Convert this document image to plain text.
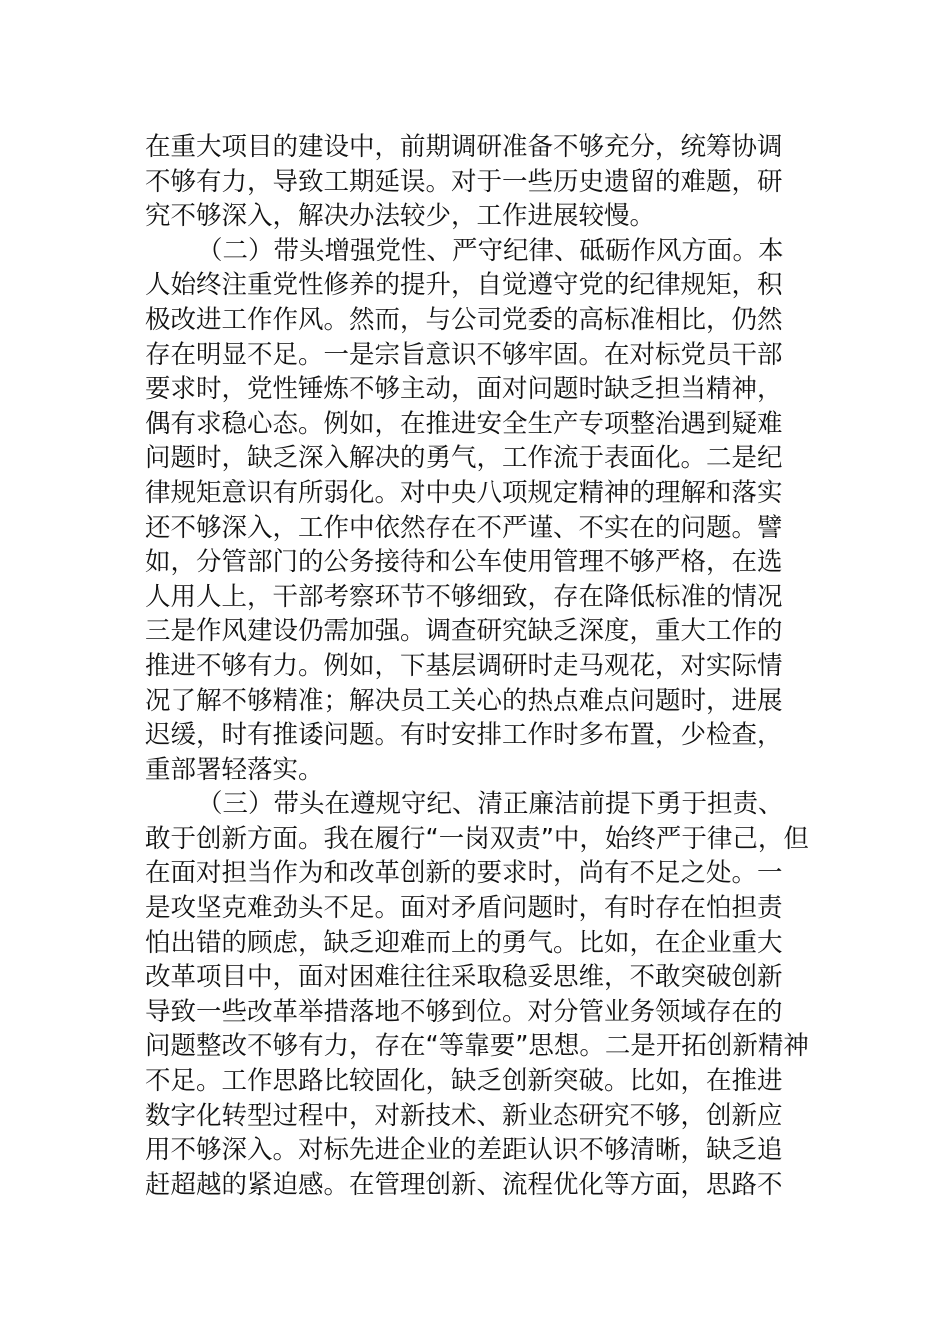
在重大项目的建设中，前期调研准备不够充分，统筹协调
不够有力，导致工期延误。对于一些历史遗留的难题，研
究不够深入，解决办法较少，工作进展较慢。
（二）带头增强党性、严守纪律、砥砺作风方面。本
人始终注重党性修养的提升，自觉遵守党的纪律规矩，积
极改进工作作风。然而，与公司党委的高标准相比，仍然
存在明显不足。一是宗旨意识不够牢固。在对标党员干部
要求时，党性锤炼不够主动，面对问题时缺乏担当精神，
偶有求稳心态。例如，在推进安全生产专项整治遇到疑难
问题时，缺乏深入解决的勇气，工作流于表面化。二是纪
律规矩意识有所弱化。对中央八项规定精神的理解和落实
还不够深入，工作中依然存在不严谨、不实在的问题。譬
如，分管部门的公务接待和公车使用管理不够严格，在选
人用人上，干部考察环节不够细致，存在降低标准的情况
三是作风建设仍需加强。调查研究缺乏深度，重大工作的
推进不够有力。例如，下基层调研时走马观花，对实际情
况了解不够精准；解决员工关心的热点难点问题时，进展
迟缓，时有推诿问题。有时安排工作时多布置，少检查，
重部署轻落实。
（三）带头在遵规守纪、清正廉洁前提下勇于担责、
敢于创新方面。我在履行“一岗双责”中，始终严于律己，但
在面对担当作为和改革创新的要求时，尚有不足之处。一
是攻坚克难劲头不足。面对矛盾问题时，有时存在怕担责
怕出错的顾虑，缺乏迎难而上的勇气。比如，在企业重大
改革项目中，面对困难往往采取稳妥思维，不敢突破创新
导致一些改革举措落地不够到位。对分管业务领域存在的
问题整改不够有力，存在“等靠要”思想。二是开拓创新精神
不足。工作思路比较固化，缺乏创新突破。比如，在推进
数字化转型过程中，对新技术、新业态研究不够，创新应
用不够深入。对标先进企业的差距认识不够清晰，缺乏追
赶超越的紧迫感。在管理创新、流程优化等方面，思路不
